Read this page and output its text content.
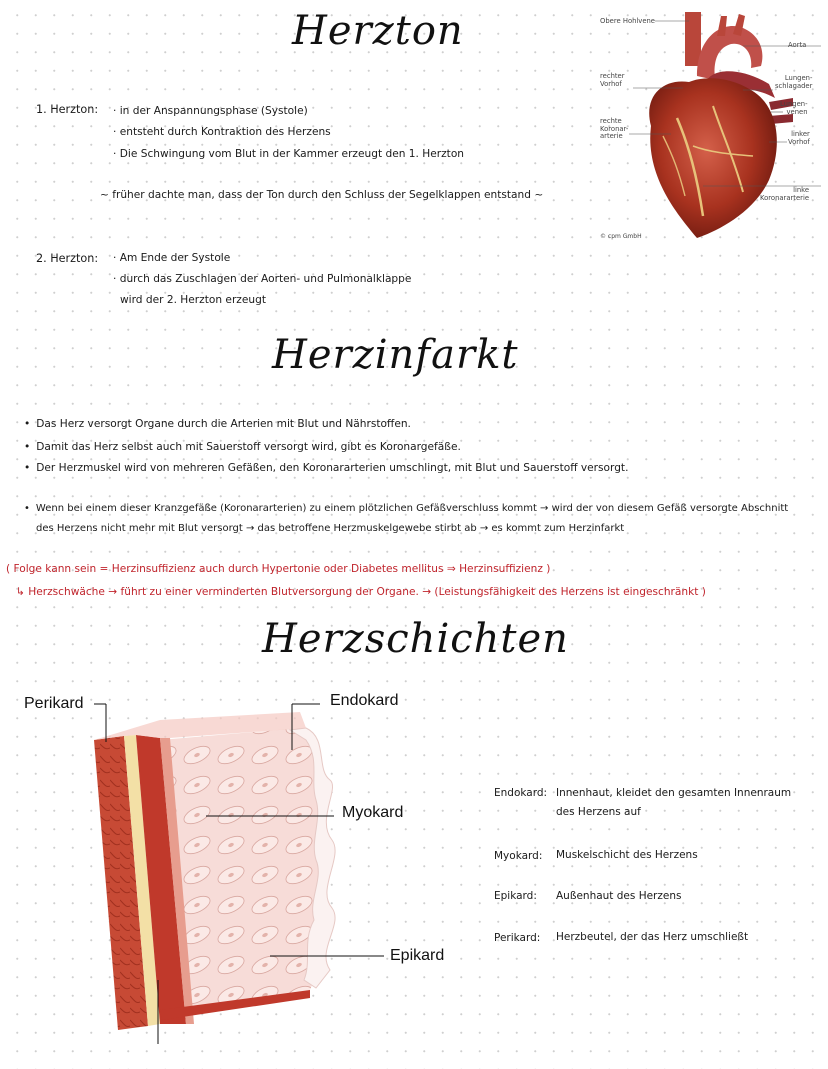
Herzton
1. Herzton: · in der Anspannungsphase (Systole)
· entsteht durch Kontraktion des Herzens
· Die Schwingung vom Blut in der Kammer erzeugt den 1. Herzton
~ früher dachte man, dass der Ton durch den Schluss der Segelklappen entstand ~
2. Herzton: · Am Ende der Systole
· durch das Zuschlagen der Aorten- und Pulmonalklappe
wird der 2. Herzton erzeugt
Obere Hohlvene
Aorta
rechter
Vorhof
Lungen-
schlagader
Lungen-
venen
rechte
Koronar-
arterie	linker
Vorhof
linke
Koronararterie
© cpm GmbH
Herzinfarkt
• Das Herz versorgt Organe durch die Arterien mit Blut und Nährstoffen.
• Damit das Herz selbst auch mit Sauerstoff versorgt wird, gibt es Koronargefäße.
• Der Herzmuskel wird von mehreren Gefäßen, den Koronararterien umschlingt, mit Blut und Sauerstoff versorgt.
• Wenn bei einem dieser Kranzgefäße (Koronararterien) zu einem plötzlichen Gefäßverschluss kommt → wird der von diesem Gefäß versorgte Abschnitt
des Herzens nicht mehr mit Blut versorgt → das betroffene Herzmuskelgewebe stirbt ab → es kommt zum Herzinfarkt
( Folge kann sein = Herzinsuffizienz auch durch Hypertonie oder Diabetes mellitus ⇒ Herzinsuffizienz )
↳ Herzschwäche → führt zu einer verminderten Blutversorgung der Organe. → (Leistungsfähigkeit des Herzens ist eingeschränkt )
Herzschichten
Perikard	Endokard
Myokard
Epikard
Endokard: Innenhaut, kleidet den gesamten Innenraum des Herzens auf
Myokard: Muskelschicht des Herzens
Epikard: Außenhaut des Herzens
Perikard: Herzbeutel, der das Herz umschließt
